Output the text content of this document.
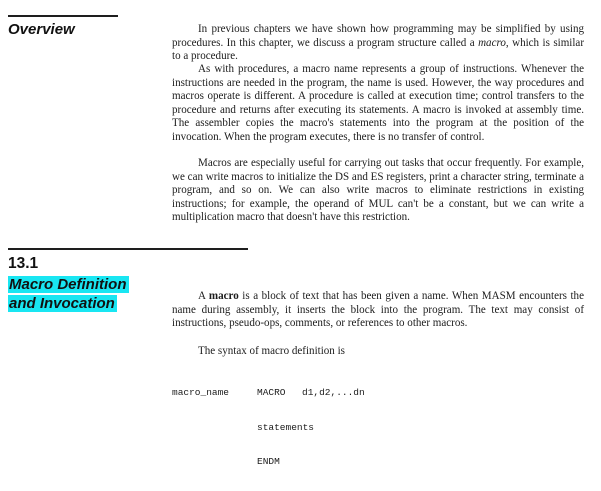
Overview	In previous chapters we have shown how programming may be simplified by using procedures. In this chapter, we discuss a program structure called a macro, which is similar to a procedure.

As with procedures, a macro name represents a group of instructions. Whenever the instructions are needed in the program, the name is used. However, the way procedures and macros operate is different. A procedure is called at execution time; control transfers to the procedure and returns after executing its statements. A macro is invoked at assembly time. The assembler copies the macro's statements into the program at the position of the invocation. When the program executes, there is no transfer of control.

Macros are especially useful for carrying out tasks that occur frequently. For example, we can write macros to initialize the DS and ES registers, print a character string, terminate a program, and so on. We can also write macros to eliminate restrictions in existing instructions; for example, the operand of MUL can't be a constant, but we can write a multiplication macro that doesn't have this restriction.

13.1
Macro Definition
and Invocation	A macro is a block of text that has been given a name. When MASM encounters the name during assembly, it inserts the block into the program. The text may consist of instructions, pseudo-ops, comments, or references to other macros.

The syntax of macro definition is

macro_name

	MACRO

d1,d2,...dn

statements

ENDM
